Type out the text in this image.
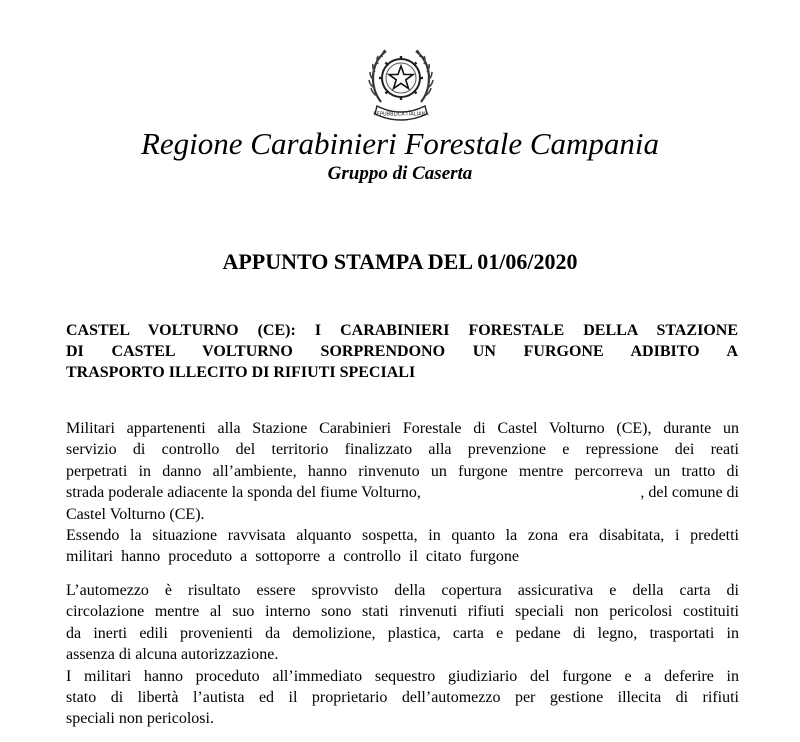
REPUBBLICA ITALIANA
Regione Carabinieri Forestale Campania
Gruppo di Caserta
APPUNTO STAMPA DEL 01/06/2020
CASTEL VOLTURNO (CE): I CARABINIERI FORESTALE DELLA STAZIONE
DI CASTEL VOLTURNO SORPRENDONO UN FURGONE ADIBITO A
TRASPORTO ILLECITO DI RIFIUTI SPECIALI
Militari appartenenti alla Stazione Carabinieri Forestale di Castel Volturno (CE), durante un
servizio di controllo del territorio finalizzato alla prevenzione e repressione dei reati
perpetrati in danno all’ambiente, hanno rinvenuto un furgone mentre percorreva un tratto di
strada poderale adiacente la sponda del fiume Volturno,	, del comune di
Castel Volturno (CE).
Essendo la situazione ravvisata alquanto sospetta, in quanto la zona era disabitata, i predetti
militari hanno proceduto a sottoporre a controllo il citato furgone
L’automezzo è risultato essere sprovvisto della copertura assicurativa e della carta di
circolazione mentre al suo interno sono stati rinvenuti rifiuti speciali non pericolosi costituiti
da inerti edili provenienti da demolizione, plastica, carta e pedane di legno, trasportati in
assenza di alcuna autorizzazione.
I militari hanno proceduto all’immediato sequestro giudiziario del furgone e a deferire in
stato di libertà l’autista ed il proprietario dell’automezzo per gestione illecita di rifiuti
speciali non pericolosi.
